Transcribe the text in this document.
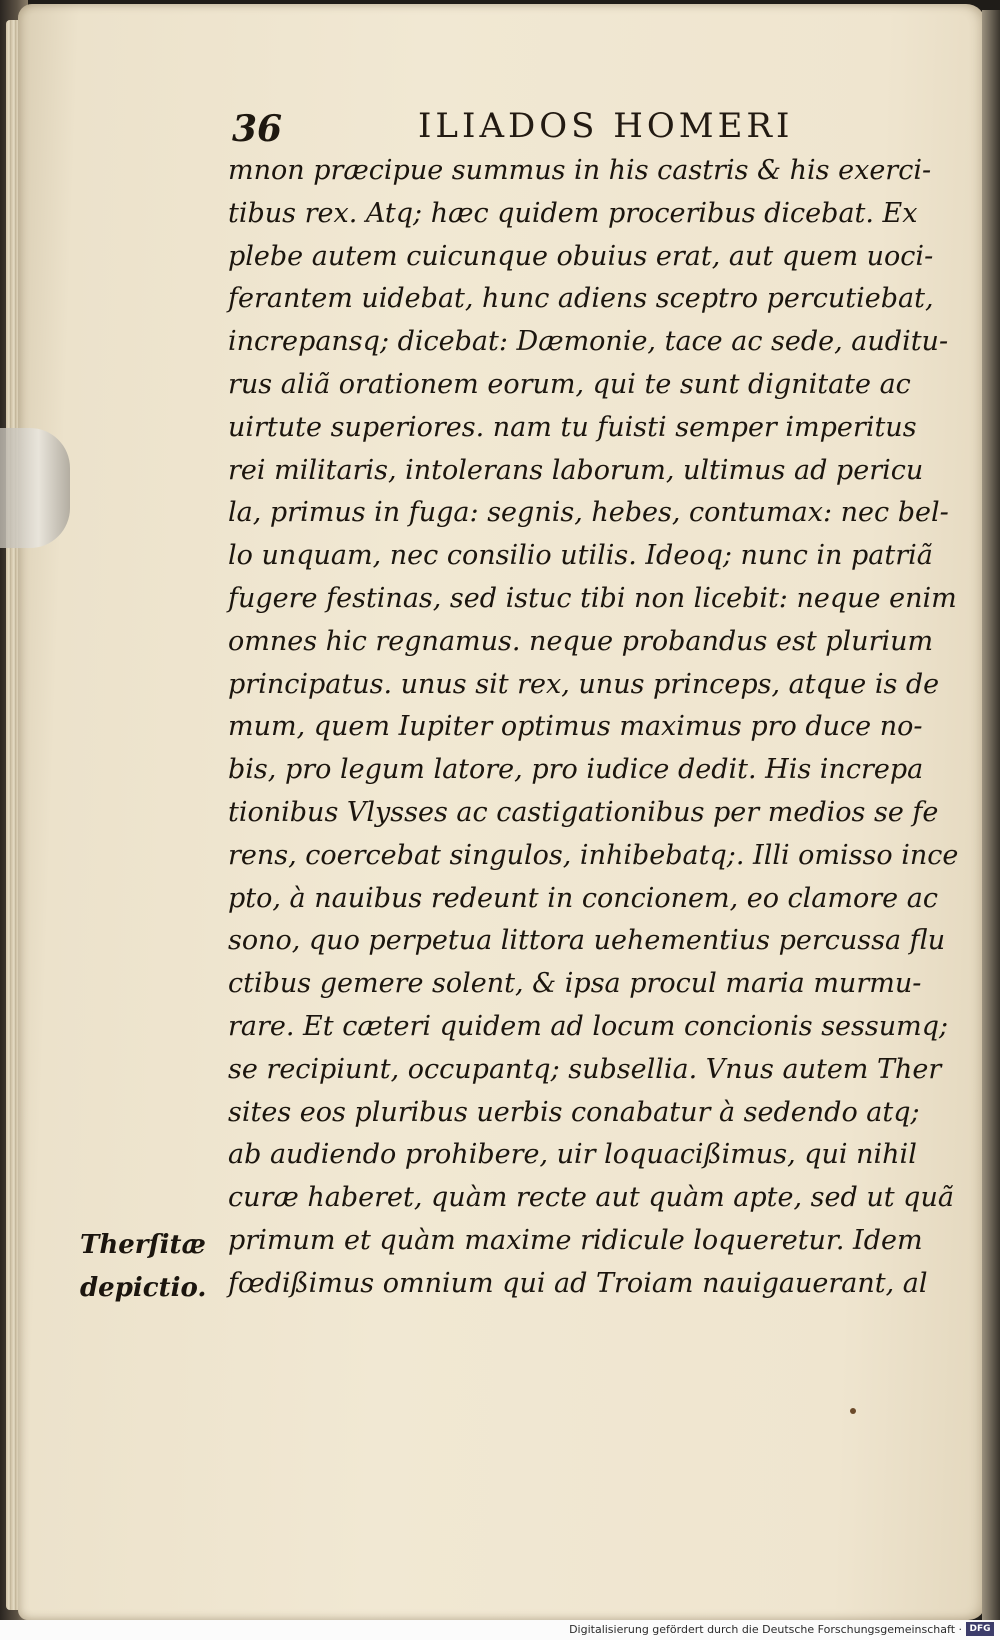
36	ILIADOS HOMERI
mnon præcipue summus in his castris & his exerci-
tibus rex. Atq; hæc quidem proceribus dicebat. Ex
plebe autem cuicunque obuius erat, aut quem uoci-
ferantem uidebat, hunc adiens sceptro percutiebat,
increpansq; dicebat: Dæmonie, tace ac sede, auditu-
rus aliã orationem eorum, qui te sunt dignitate ac
uirtute superiores. nam tu fuisti semper imperitus
rei militaris, intolerans laborum, ultimus ad pericu
la, primus in fuga: segnis, hebes, contumax: nec bel-
lo unquam, nec consilio utilis. Ideoq; nunc in patriã
fugere festinas, sed istuc tibi non licebit: neque enim
omnes hic regnamus. neque probandus est plurium
principatus. unus sit rex, unus princeps, atque is de
mum, quem Iupiter optimus maximus pro duce no-
bis, pro legum latore, pro iudice dedit. His increpa
tionibus Vlysses ac castigationibus per medios se fe
rens, coercebat singulos, inhibebatq;. Illi omisso ince
pto, à nauibus redeunt in concionem, eo clamore ac
sono, quo perpetua littora uehementius percussa flu
ctibus gemere solent, & ipsa procul maria murmu-
rare. Et cæteri quidem ad locum concionis sessumq;
se recipiunt, occupantq; subsellia. Vnus autem Ther
sites eos pluribus uerbis conabatur à sedendo atq;
ab audiendo prohibere, uir loquacißimus, qui nihil
curæ haberet, quàm recte aut quàm apte, sed ut quã
primum et quàm maxime ridicule loqueretur. Idem
fœdißimus omnium qui ad Troiam nauigauerant, al
Therſitæ
depictio.
Digitalisierung gefördert durch die Deutsche Forschungsgemeinschaft · DFG
